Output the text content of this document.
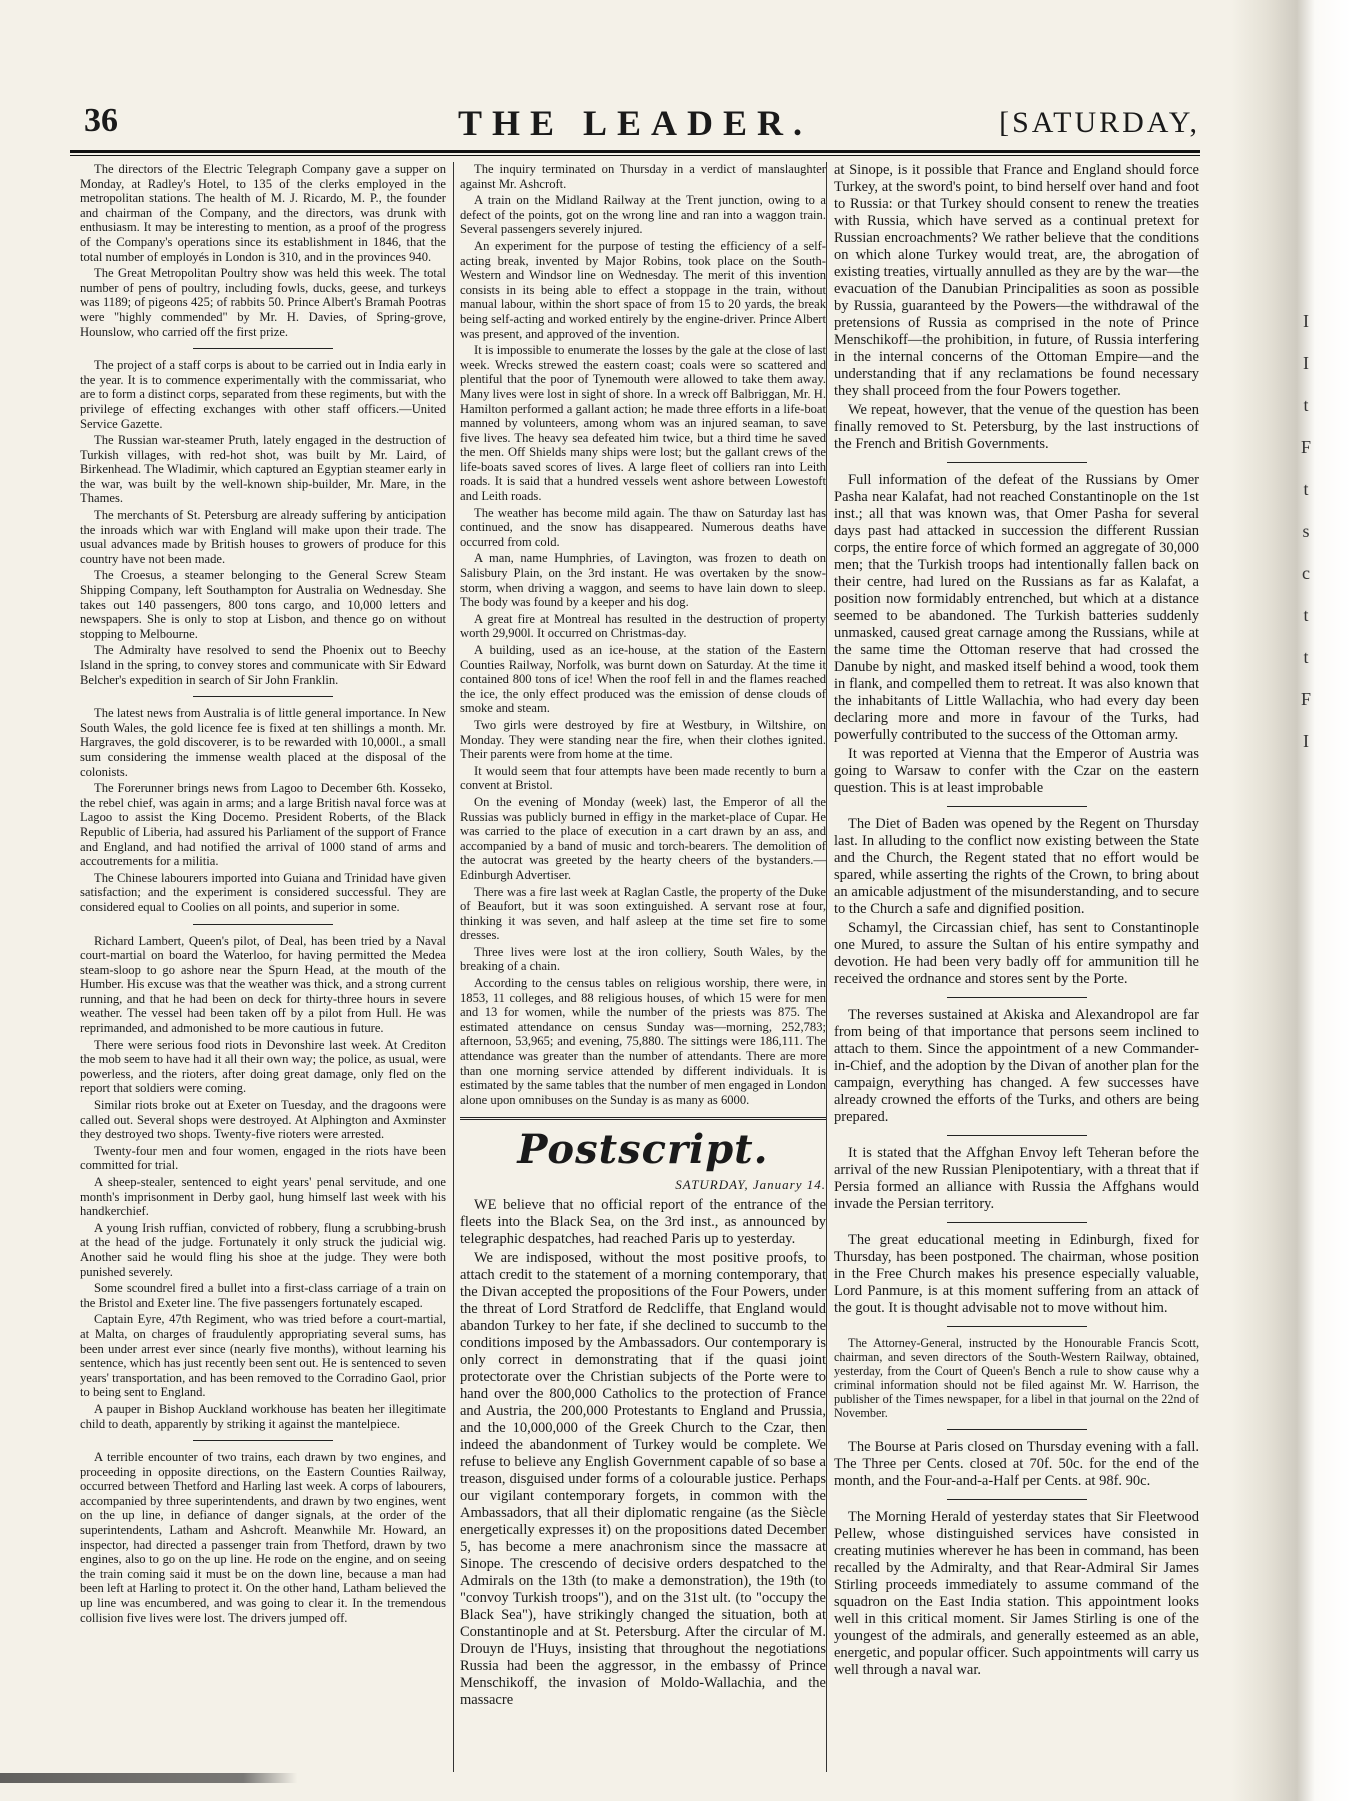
36	THE LEADER.	[SATURDAY,

The directors of the Electric Telegraph Company gave a supper on Monday, at Radley's Hotel, to 135 of the clerks employed in the metropolitan stations. The health of M. J. Ricardo, M. P., the founder and chairman of the Company, and the directors, was drunk with enthusiasm. It may be interesting to mention, as a proof of the progress of the Company's operations since its establishment in 1846, that the total number of employés in London is 310, and in the provinces 940.

The Great Metropolitan Poultry show was held this week. The total number of pens of poultry, including fowls, ducks, geese, and turkeys was 1189; of pigeons 425; of rabbits 50. Prince Albert's Bramah Pootras were "highly commended" by Mr. H. Davies, of Spring-grove, Hounslow, who carried off the first prize.

The project of a staff corps is about to be carried out in India early in the year. It is to commence experimentally with the commissariat, who are to form a distinct corps, separated from these regiments, but with the privilege of effecting exchanges with other staff officers.—United Service Gazette.

The Russian war-steamer Pruth, lately engaged in the destruction of Turkish villages, with red-hot shot, was built by Mr. Laird, of Birkenhead. The Wladimir, which captured an Egyptian steamer early in the war, was built by the well-known ship-builder, Mr. Mare, in the Thames.

The merchants of St. Petersburg are already suffering by anticipation the inroads which war with England will make upon their trade. The usual advances made by British houses to growers of produce for this country have not been made.

The Croesus, a steamer belonging to the General Screw Steam Shipping Company, left Southampton for Australia on Wednesday. She takes out 140 passengers, 800 tons cargo, and 10,000 letters and newspapers. She is only to stop at Lisbon, and thence go on without stopping to Melbourne.

The Admiralty have resolved to send the Phoenix out to Beechy Island in the spring, to convey stores and communicate with Sir Edward Belcher's expedition in search of Sir John Franklin.

The latest news from Australia is of little general importance. In New South Wales, the gold licence fee is fixed at ten shillings a month. Mr. Hargraves, the gold discoverer, is to be rewarded with 10,000l., a small sum considering the immense wealth placed at the disposal of the colonists.

The Forerunner brings news from Lagoo to December 6th. Kosseko, the rebel chief, was again in arms; and a large British naval force was at Lagoo to assist the King Docemo. President Roberts, of the Black Republic of Liberia, had assured his Parliament of the support of France and England, and had notified the arrival of 1000 stand of arms and accoutrements for a militia.

The Chinese labourers imported into Guiana and Trinidad have given satisfaction; and the experiment is considered successful. They are considered equal to Coolies on all points, and superior in some.

Richard Lambert, Queen's pilot, of Deal, has been tried by a Naval court-martial on board the Waterloo, for having permitted the Medea steam-sloop to go ashore near the Spurn Head, at the mouth of the Humber. His excuse was that the weather was thick, and a strong current running, and that he had been on deck for thirty-three hours in severe weather. The vessel had been taken off by a pilot from Hull. He was reprimanded, and admonished to be more cautious in future.

There were serious food riots in Devonshire last week. At Crediton the mob seem to have had it all their own way; the police, as usual, were powerless, and the rioters, after doing great damage, only fled on the report that soldiers were coming.

Similar riots broke out at Exeter on Tuesday, and the dragoons were called out. Several shops were destroyed. At Alphington and Axminster they destroyed two shops. Twenty-five rioters were arrested.

Twenty-four men and four women, engaged in the riots have been committed for trial.

A sheep-stealer, sentenced to eight years' penal servitude, and one month's imprisonment in Derby gaol, hung himself last week with his handkerchief.

A young Irish ruffian, convicted of robbery, flung a scrubbing-brush at the head of the judge. Fortunately it only struck the judicial wig. Another said he would fling his shoe at the judge. They were both punished severely.

Some scoundrel fired a bullet into a first-class carriage of a train on the Bristol and Exeter line. The five passengers fortunately escaped.

Captain Eyre, 47th Regiment, who was tried before a court-martial, at Malta, on charges of fraudulently appropriating several sums, has been under arrest ever since (nearly five months), without learning his sentence, which has just recently been sent out. He is sentenced to seven years' transportation, and has been removed to the Corradino Gaol, prior to being sent to England.

A pauper in Bishop Auckland workhouse has beaten her illegitimate child to death, apparently by striking it against the mantelpiece.

A terrible encounter of two trains, each drawn by two engines, and proceeding in opposite directions, on the Eastern Counties Railway, occurred between Thetford and Harling last week. A corps of labourers, accompanied by three superintendents, and drawn by two engines, went on the up line, in defiance of danger signals, at the order of the superintendents, Latham and Ashcroft. Meanwhile Mr. Howard, an inspector, had directed a passenger train from Thetford, drawn by two engines, also to go on the up line. He rode on the engine, and on seeing the train coming said it must be on the down line, because a man had been left at Harling to protect it. On the other hand, Latham believed the up line was encumbered, and was going to clear it. In the tremendous collision five lives were lost. The drivers jumped off.

The inquiry terminated on Thursday in a verdict of manslaughter against Mr. Ashcroft.

A train on the Midland Railway at the Trent junction, owing to a defect of the points, got on the wrong line and ran into a waggon train. Several passengers severely injured.

An experiment for the purpose of testing the efficiency of a self-acting break, invented by Major Robins, took place on the South-Western and Windsor line on Wednesday. The merit of this invention consists in its being able to effect a stoppage in the train, without manual labour, within the short space of from 15 to 20 yards, the break being self-acting and worked entirely by the engine-driver. Prince Albert was present, and approved of the invention.

It is impossible to enumerate the losses by the gale at the close of last week. Wrecks strewed the eastern coast; coals were so scattered and plentiful that the poor of Tynemouth were allowed to take them away. Many lives were lost in sight of shore. In a wreck off Balbriggan, Mr. H. Hamilton performed a gallant action; he made three efforts in a life-boat manned by volunteers, among whom was an injured seaman, to save five lives. The heavy sea defeated him twice, but a third time he saved the men. Off Shields many ships were lost; but the gallant crews of the life-boats saved scores of lives. A large fleet of colliers ran into Leith roads. It is said that a hundred vessels went ashore between Lowestoft and Leith roads.

The weather has become mild again. The thaw on Saturday last has continued, and the snow has disappeared. Numerous deaths have occurred from cold.

A man, name Humphries, of Lavington, was frozen to death on Salisbury Plain, on the 3rd instant. He was overtaken by the snow-storm, when driving a waggon, and seems to have lain down to sleep. The body was found by a keeper and his dog.

A great fire at Montreal has resulted in the destruction of property worth 29,900l. It occurred on Christmas-day.

A building, used as an ice-house, at the station of the Eastern Counties Railway, Norfolk, was burnt down on Saturday. At the time it contained 800 tons of ice! When the roof fell in and the flames reached the ice, the only effect produced was the emission of dense clouds of smoke and steam.

Two girls were destroyed by fire at Westbury, in Wiltshire, on Monday. They were standing near the fire, when their clothes ignited. Their parents were from home at the time.

It would seem that four attempts have been made recently to burn a convent at Bristol.

On the evening of Monday (week) last, the Emperor of all the Russias was publicly burned in effigy in the market-place of Cupar. He was carried to the place of execution in a cart drawn by an ass, and accompanied by a band of music and torch-bearers. The demolition of the autocrat was greeted by the hearty cheers of the bystanders.—Edinburgh Advertiser.

There was a fire last week at Raglan Castle, the property of the Duke of Beaufort, but it was soon extinguished. A servant rose at four, thinking it was seven, and half asleep at the time set fire to some dresses.

Three lives were lost at the iron colliery, South Wales, by the breaking of a chain.

According to the census tables on religious worship, there were, in 1853, 11 colleges, and 88 religious houses, of which 15 were for men and 13 for women, while the number of the priests was 875. The estimated attendance on census Sunday was—morning, 252,783; afternoon, 53,965; and evening, 75,880. The sittings were 186,111. The attendance was greater than the number of attendants. There are more than one morning service attended by different individuals. It is estimated by the same tables that the number of men engaged in London alone upon omnibuses on the Sunday is as many as 6000.

Postscript.
SATURDAY, January 14.

WE believe that no official report of the entrance of the fleets into the Black Sea, on the 3rd inst., as announced by telegraphic despatches, had reached Paris up to yesterday.

We are indisposed, without the most positive proofs, to attach credit to the statement of a morning contemporary, that the Divan accepted the propositions of the Four Powers, under the threat of Lord Stratford de Redcliffe, that England would abandon Turkey to her fate, if she declined to succumb to the conditions imposed by the Ambassadors. Our contemporary is only correct in demonstrating that if the quasi joint protectorate over the Christian subjects of the Porte were to hand over the 800,000 Catholics to the protection of France and Austria, the 200,000 Protestants to England and Prussia, and the 10,000,000 of the Greek Church to the Czar, then indeed the abandonment of Turkey would be complete. We refuse to believe any English Government capable of so base a treason, disguised under forms of a colourable justice. Perhaps our vigilant contemporary forgets, in common with the Ambassadors, that all their diplomatic rengaine (as the Siècle energetically expresses it) on the propositions dated December 5, has become a mere anachronism since the massacre at Sinope. The crescendo of decisive orders despatched to the Admirals on the 13th (to make a demonstration), the 19th (to "convoy Turkish troops"), and on the 31st ult. (to "occupy the Black Sea"), have strikingly changed the situation, both at Constantinople and at St. Petersburg. After the circular of M. Drouyn de l'Huys, insisting that throughout the negotiations Russia had been the aggressor, in the embassy of Prince Menschikoff, the invasion of Moldo-Wallachia, and the massacre

at Sinope, is it possible that France and England should force Turkey, at the sword's point, to bind herself over hand and foot to Russia: or that Turkey should consent to renew the treaties with Russia, which have served as a continual pretext for Russian encroachments? We rather believe that the conditions on which alone Turkey would treat, are, the abrogation of existing treaties, virtually annulled as they are by the war—the evacuation of the Danubian Principalities as soon as possible by Russia, guaranteed by the Powers—the withdrawal of the pretensions of Russia as comprised in the note of Prince Menschikoff—the prohibition, in future, of Russia interfering in the internal concerns of the Ottoman Empire—and the understanding that if any reclamations be found necessary they shall proceed from the four Powers together.

We repeat, however, that the venue of the question has been finally removed to St. Petersburg, by the last instructions of the French and British Governments.

Full information of the defeat of the Russians by Omer Pasha near Kalafat, had not reached Constantinople on the 1st inst.; all that was known was, that Omer Pasha for several days past had attacked in succession the different Russian corps, the entire force of which formed an aggregate of 30,000 men; that the Turkish troops had intentionally fallen back on their centre, had lured on the Russians as far as Kalafat, a position now formidably entrenched, but which at a distance seemed to be abandoned. The Turkish batteries suddenly unmasked, caused great carnage among the Russians, while at the same time the Ottoman reserve that had crossed the Danube by night, and masked itself behind a wood, took them in flank, and compelled them to retreat. It was also known that the inhabitants of Little Wallachia, who had every day been declaring more and more in favour of the Turks, had powerfully contributed to the success of the Ottoman army.

It was reported at Vienna that the Emperor of Austria was going to Warsaw to confer with the Czar on the eastern question. This is at least improbable

The Diet of Baden was opened by the Regent on Thursday last. In alluding to the conflict now existing between the State and the Church, the Regent stated that no effort would be spared, while asserting the rights of the Crown, to bring about an amicable adjustment of the misunderstanding, and to secure to the Church a safe and dignified position.

Schamyl, the Circassian chief, has sent to Constantinople one Mured, to assure the Sultan of his entire sympathy and devotion. He had been very badly off for ammunition till he received the ordnance and stores sent by the Porte.

The reverses sustained at Akiska and Alexandropol are far from being of that importance that persons seem inclined to attach to them. Since the appointment of a new Commander-in-Chief, and the adoption by the Divan of another plan for the campaign, everything has changed. A few successes have already crowned the efforts of the Turks, and others are being prepared.

It is stated that the Affghan Envoy left Teheran before the arrival of the new Russian Plenipotentiary, with a threat that if Persia formed an alliance with Russia the Affghans would invade the Persian territory.

The great educational meeting in Edinburgh, fixed for Thursday, has been postponed. The chairman, whose position in the Free Church makes his presence especially valuable, Lord Panmure, is at this moment suffering from an attack of the gout. It is thought advisable not to move without him.

The Attorney-General, instructed by the Honourable Francis Scott, chairman, and seven directors of the South-Western Railway, obtained, yesterday, from the Court of Queen's Bench a rule to show cause why a criminal information should not be filed against Mr. W. Harrison, the publisher of the Times newspaper, for a libel in that journal on the 22nd of November.

The Bourse at Paris closed on Thursday evening with a fall. The Three per Cents. closed at 70f. 50c. for the end of the month, and the Four-and-a-Half per Cents. at 98f. 90c.

The Morning Herald of yesterday states that Sir Fleetwood Pellew, whose distinguished services have consisted in creating mutinies wherever he has been in command, has been recalled by the Admiralty, and that Rear-Admiral Sir James Stirling proceeds immediately to assume command of the squadron on the East India station. This appointment looks well in this critical moment. Sir James Stirling is one of the youngest of the admirals, and generally esteemed as an able, energetic, and popular officer. Such appointments will carry us well through a naval war.

I
I
t
F
t
s
c
t
t
F
I
